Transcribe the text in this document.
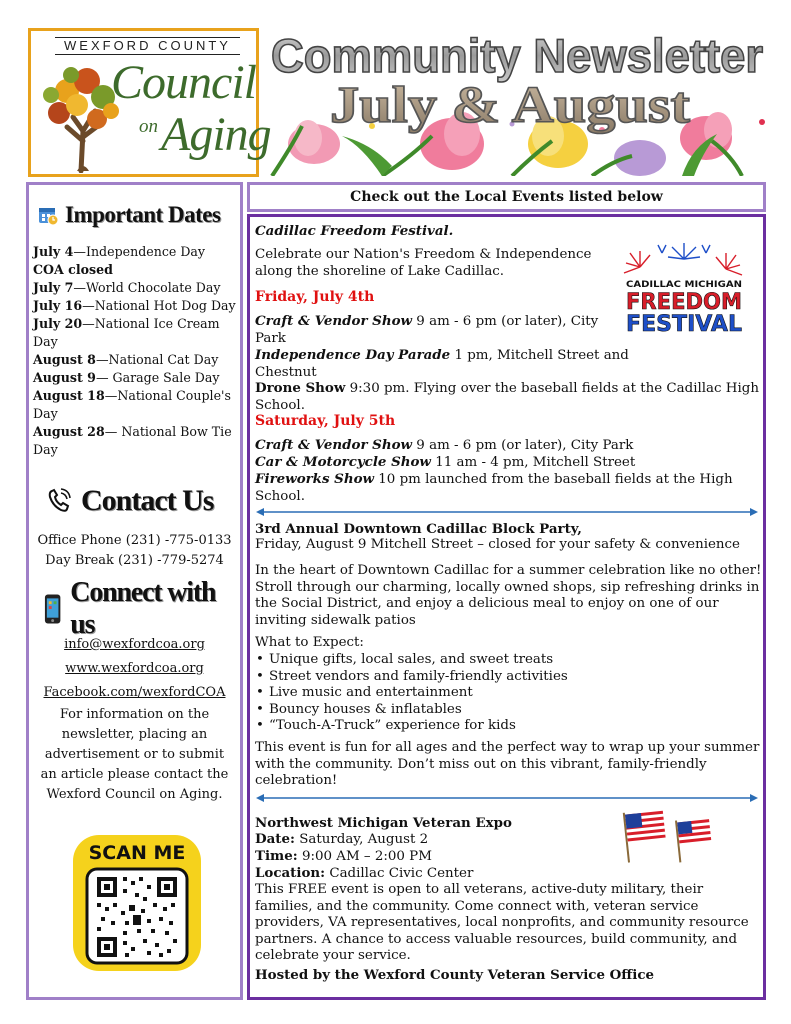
WEXFORD COUNTY
Council
on Aging
Community Newsletter
July & August
Important Dates

July 4—Independence Day

COA closed

July 7—World Chocolate Day

July 16—National Hot Dog Day

July 20—National Ice Cream Day

August 8—National Cat Day

August 9— Garage Sale Day

August 18—National Couple's Day

August 28— National Bow Tie Day

Contact Us
Office Phone (231) -775-0133
Day Break (231) -779-5274
Connect with us
info@wexfordcoa.org
www.wexfordcoa.org
Facebook.com/wexfordCOA
For information on the newsletter, placing an advertisement or to submit an article please contact the Wexford Council on Aging.
SCAN ME
Check out the Local Events listed below
Cadillac Freedom Festival.
Celebrate our Nation's Freedom & Independence along the shoreline of Lake Cadillac.
CADILLAC MICHIGAN
FREEDOM
FESTIVAL
Friday, July 4th
Craft & Vendor Show 9 am - 6 pm (or later), City Park
Independence Day Parade 1 pm, Mitchell Street and Chestnut
Drone Show 9:30 pm. Flying over the baseball fields at the Cadillac High School.
Saturday, July 5th
Craft & Vendor Show 9 am - 6 pm (or later), City Park
Car & Motorcycle Show 11 am - 4 pm, Mitchell Street
Fireworks Show 10 pm launched from the baseball fields at the High School.
3rd Annual Downtown Cadillac Block Party,
Friday, August 9 Mitchell Street – closed for your safety & convenience
In the heart of Downtown Cadillac for a summer celebration like no other! Stroll through our charming, locally owned shops, sip refreshing drinks in the Social District, and enjoy a delicious meal to enjoy on one of our inviting sidewalk patios
What to Expect:
• Unique gifts, local sales, and sweet treats
• Street vendors and family-friendly activities
• Live music and entertainment
• Bouncy houses & inflatables
• “Touch-A-Truck” experience for kids
This event is fun for all ages and the perfect way to wrap up your summer with the community. Don’t miss out on this vibrant, family-friendly celebration!
Northwest Michigan Veteran Expo
Date: Saturday, August 2
Time: 9:00 AM – 2:00 PM
Location: Cadillac Civic Center
This FREE event is open to all veterans, active-duty military, their families, and the community. Come connect with, veteran service providers, VA representatives, local nonprofits, and community resource partners. A chance to access valuable resources, build community, and celebrate your service.
Hosted by the Wexford County Veteran Service Office
